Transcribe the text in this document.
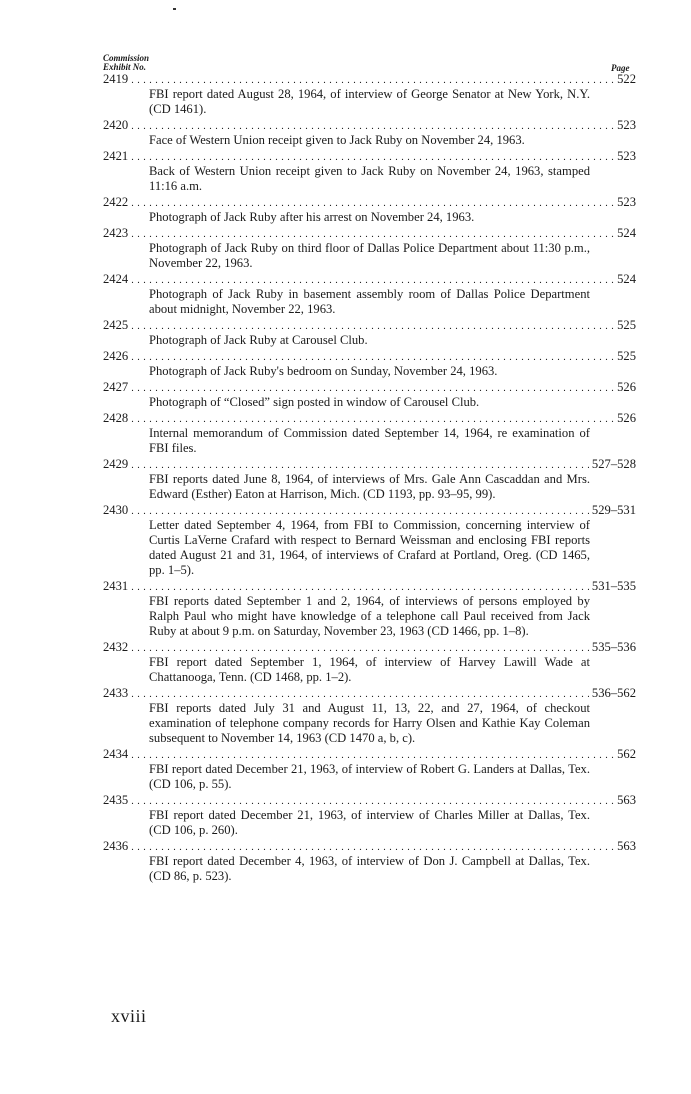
Commission
Exhibit No.	Page
2419 . . .	522
FBI report dated August 28, 1964, of interview of George Senator at New York, N.Y. (CD 1461).
2420 . . .	523
Face of Western Union receipt given to Jack Ruby on November 24, 1963.
2421 . . .	523
Back of Western Union receipt given to Jack Ruby on November 24, 1963, stamped 11:16 a.m.
2422 . . .	523
Photograph of Jack Ruby after his arrest on November 24, 1963.
2423 . . .	524
Photograph of Jack Ruby on third floor of Dallas Police Department about 11:30 p.m., November 22, 1963.
2424 . . .	524
Photograph of Jack Ruby in basement assembly room of Dallas Police Department about midnight, November 22, 1963.
2425 . . .	525
Photograph of Jack Ruby at Carousel Club.
2426 . . .	525
Photograph of Jack Ruby's bedroom on Sunday, November 24, 1963.
2427 . . .	526
Photograph of “Closed” sign posted in window of Carousel Club.
2428 . . .	526
Internal memorandum of Commission dated September 14, 1964, re examination of FBI files.
2429 . . .	527–528
FBI reports dated June 8, 1964, of interviews of Mrs. Gale Ann Cascaddan and Mrs. Edward (Esther) Eaton at Harrison, Mich. (CD 1193, pp. 93–95, 99).
2430 . . .	529–531
Letter dated September 4, 1964, from FBI to Commission, concerning interview of Curtis LaVerne Crafard with respect to Bernard Weissman and enclosing FBI reports dated August 21 and 31, 1964, of interviews of Crafard at Portland, Oreg. (CD 1465, pp. 1–5).
2431 . . .	531–535
FBI reports dated September 1 and 2, 1964, of interviews of persons employed by Ralph Paul who might have knowledge of a telephone call Paul received from Jack Ruby at about 9 p.m. on Saturday, November 23, 1963 (CD 1466, pp. 1–8).
2432 . . .	535–536
FBI report dated September 1, 1964, of interview of Harvey Lawill Wade at Chattanooga, Tenn. (CD 1468, pp. 1–2).
2433 . . .	536–562
FBI reports dated July 31 and August 11, 13, 22, and 27, 1964, of checkout examination of telephone company records for Harry Olsen and Kathie Kay Coleman subsequent to November 14, 1963 (CD 1470 a, b, c).
2434 . . .	562
FBI report dated December 21, 1963, of interview of Robert G. Landers at Dallas, Tex. (CD 106, p. 55).
2435 . . .	563
FBI report dated December 21, 1963, of interview of Charles Miller at Dallas, Tex. (CD 106, p. 260).
2436 . . .	563
FBI report dated December 4, 1963, of interview of Don J. Campbell at Dallas, Tex. (CD 86, p. 523).
xviii
